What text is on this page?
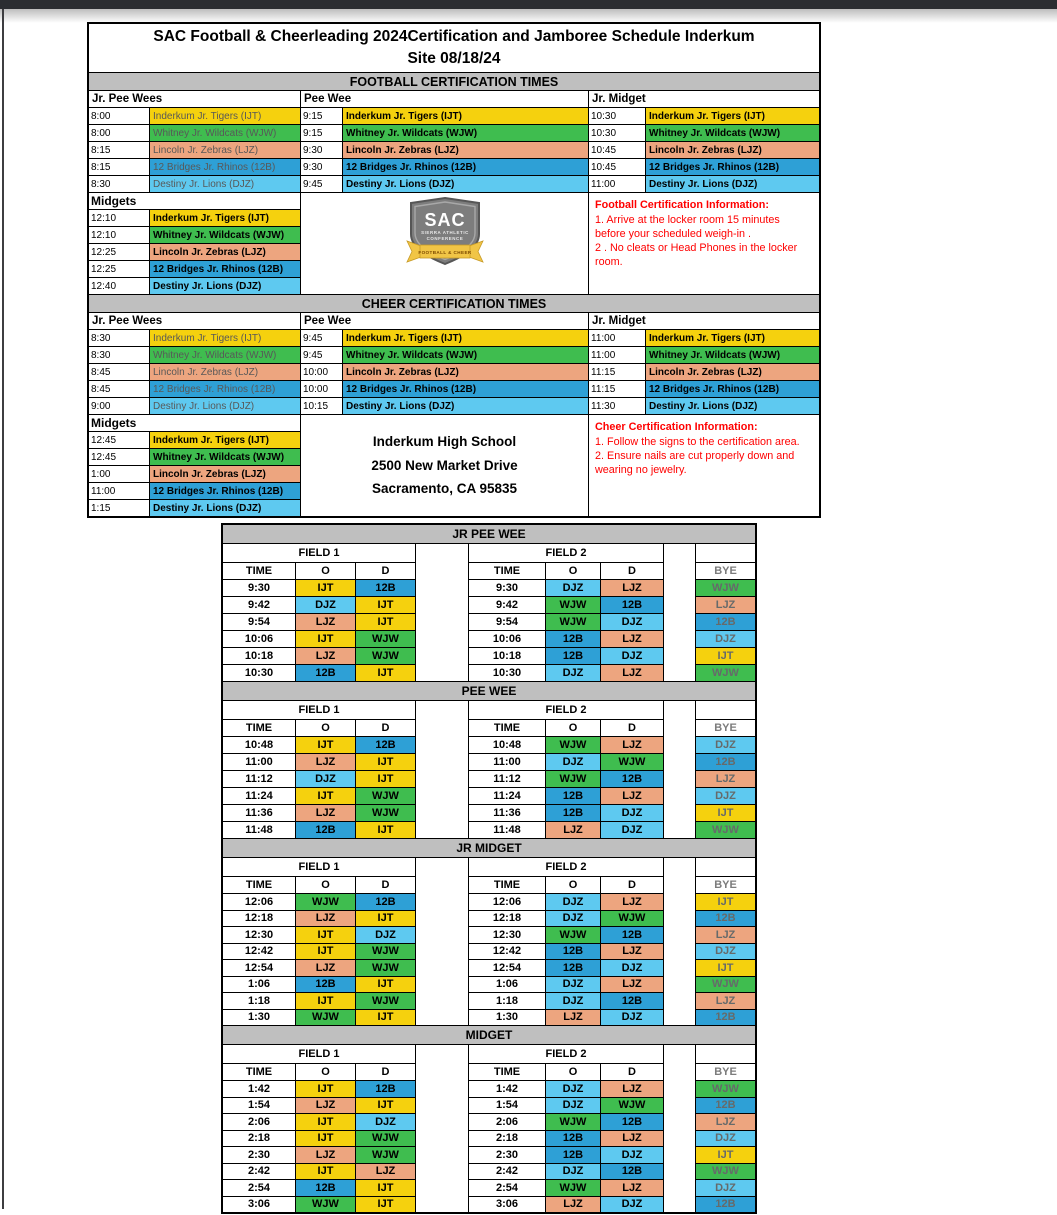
SAC Football & Cheerleading 2024Certification and Jamboree Schedule Inderkum
Site 08/18/24
FOOTBALL CERTIFICATION TIMES
Jr. Pee Wees
8:00	Inderkum Jr. Tigers (IJT)
8:00	Whitney Jr. Wildcats (WJW)
8:15	Lincoln Jr. Zebras (LJZ)
8:15	12 Bridges Jr. Rhinos (12B)
8:30	Destiny Jr. Lions (DJZ)
Pee Wee
9:15	Inderkum Jr. Tigers (IJT)
9:15	Whitney Jr. Wildcats (WJW)
9:30	Lincoln Jr. Zebras (LJZ)
9:30	12 Bridges Jr. Rhinos (12B)
9:45	Destiny Jr. Lions (DJZ)
Jr. Midget
10:30	Inderkum Jr. Tigers (IJT)
10:30	Whitney Jr. Wildcats (WJW)
10:45	Lincoln Jr. Zebras (LJZ)
10:45	12 Bridges Jr. Rhinos (12B)
11:00	Destiny Jr. Lions (DJZ)
Midgets
12:10	Inderkum Jr. Tigers (IJT)
12:10	Whitney Jr. Wildcats (WJW)
12:25	Lincoln Jr. Zebras (LJZ)
12:25	12 Bridges Jr. Rhinos (12B)
12:40	Destiny Jr. Lions (DJZ)
SAC
SIERRA ATHLETIC
CONFERENCE
FOOTBALL & CHEER
Football Certification Information:
1. Arrive at the locker room 15 minutes before your scheduled weigh-in .
2 . No cleats or Head Phones in the locker room.
CHEER CERTIFICATION TIMES
Jr. Pee Wees
8:30	Inderkum Jr. Tigers (IJT)
8:30	Whitney Jr. Wildcats (WJW)
8:45	Lincoln Jr. Zebras (LJZ)
8:45	12 Bridges Jr. Rhinos (12B)
9:00	Destiny Jr. Lions (DJZ)
Pee Wee
9:45	Inderkum Jr. Tigers (IJT)
9:45	Whitney Jr. Wildcats (WJW)
10:00	Lincoln Jr. Zebras (LJZ)
10:00	12 Bridges Jr. Rhinos (12B)
10:15	Destiny Jr. Lions (DJZ)
Jr. Midget
11:00	Inderkum Jr. Tigers (IJT)
11:00	Whitney Jr. Wildcats (WJW)
11:15	Lincoln Jr. Zebras (LJZ)
11:15	12 Bridges Jr. Rhinos (12B)
11:30	Destiny Jr. Lions (DJZ)
Midgets
12:45	Inderkum Jr. Tigers (IJT)
12:45	Whitney Jr. Wildcats (WJW)
1:00	Lincoln Jr. Zebras (LJZ)
11:00	12 Bridges Jr. Rhinos (12B)
1:15	Destiny Jr. Lions (DJZ)
Inderkum High School
2500 New Market Drive
Sacramento, CA 95835
Cheer Certification Information:
1. Follow the signs to the certification area.
2. Ensure nails are cut properly down and wearing no jewelry.
JR PEE WEE
FIELD 1	FIELD 2
TIME	O	D	TIME	O	D	BYE
9:30	IJT	12B	9:30	DJZ	LJZ	WJW
9:42	DJZ	IJT	9:42	WJW	12B	LJZ
9:54	LJZ	IJT	9:54	WJW	DJZ	12B
10:06	IJT	WJW	10:06	12B	LJZ	DJZ
10:18	LJZ	WJW	10:18	12B	DJZ	IJT
10:30	12B	IJT	10:30	DJZ	LJZ	WJW
PEE WEE
FIELD 1	FIELD 2
TIME	O	D	TIME	O	D	BYE
10:48	IJT	12B	10:48	WJW	LJZ	DJZ
11:00	LJZ	IJT	11:00	DJZ	WJW	12B
11:12	DJZ	IJT	11:12	WJW	12B	LJZ
11:24	IJT	WJW	11:24	12B	LJZ	DJZ
11:36	LJZ	WJW	11:36	12B	DJZ	IJT
11:48	12B	IJT	11:48	LJZ	DJZ	WJW
JR MIDGET
FIELD 1	FIELD 2
TIME	O	D	TIME	O	D	BYE
12:06	WJW	12B	12:06	DJZ	LJZ	IJT
12:18	LJZ	IJT	12:18	DJZ	WJW	12B
12:30	IJT	DJZ	12:30	WJW	12B	LJZ
12:42	IJT	WJW	12:42	12B	LJZ	DJZ
12:54	LJZ	WJW	12:54	12B	DJZ	IJT
1:06	12B	IJT	1:06	DJZ	LJZ	WJW
1:18	IJT	WJW	1:18	DJZ	12B	LJZ
1:30	WJW	IJT	1:30	LJZ	DJZ	12B
MIDGET
FIELD 1	FIELD 2
TIME	O	D	TIME	O	D	BYE
1:42	IJT	12B	1:42	DJZ	LJZ	WJW
1:54	LJZ	IJT	1:54	DJZ	WJW	12B
2:06	IJT	DJZ	2:06	WJW	12B	LJZ
2:18	IJT	WJW	2:18	12B	LJZ	DJZ
2:30	LJZ	WJW	2:30	12B	DJZ	IJT
2:42	IJT	LJZ	2:42	DJZ	12B	WJW
2:54	12B	IJT	2:54	WJW	LJZ	DJZ
3:06	WJW	IJT	3:06	LJZ	DJZ	12B
